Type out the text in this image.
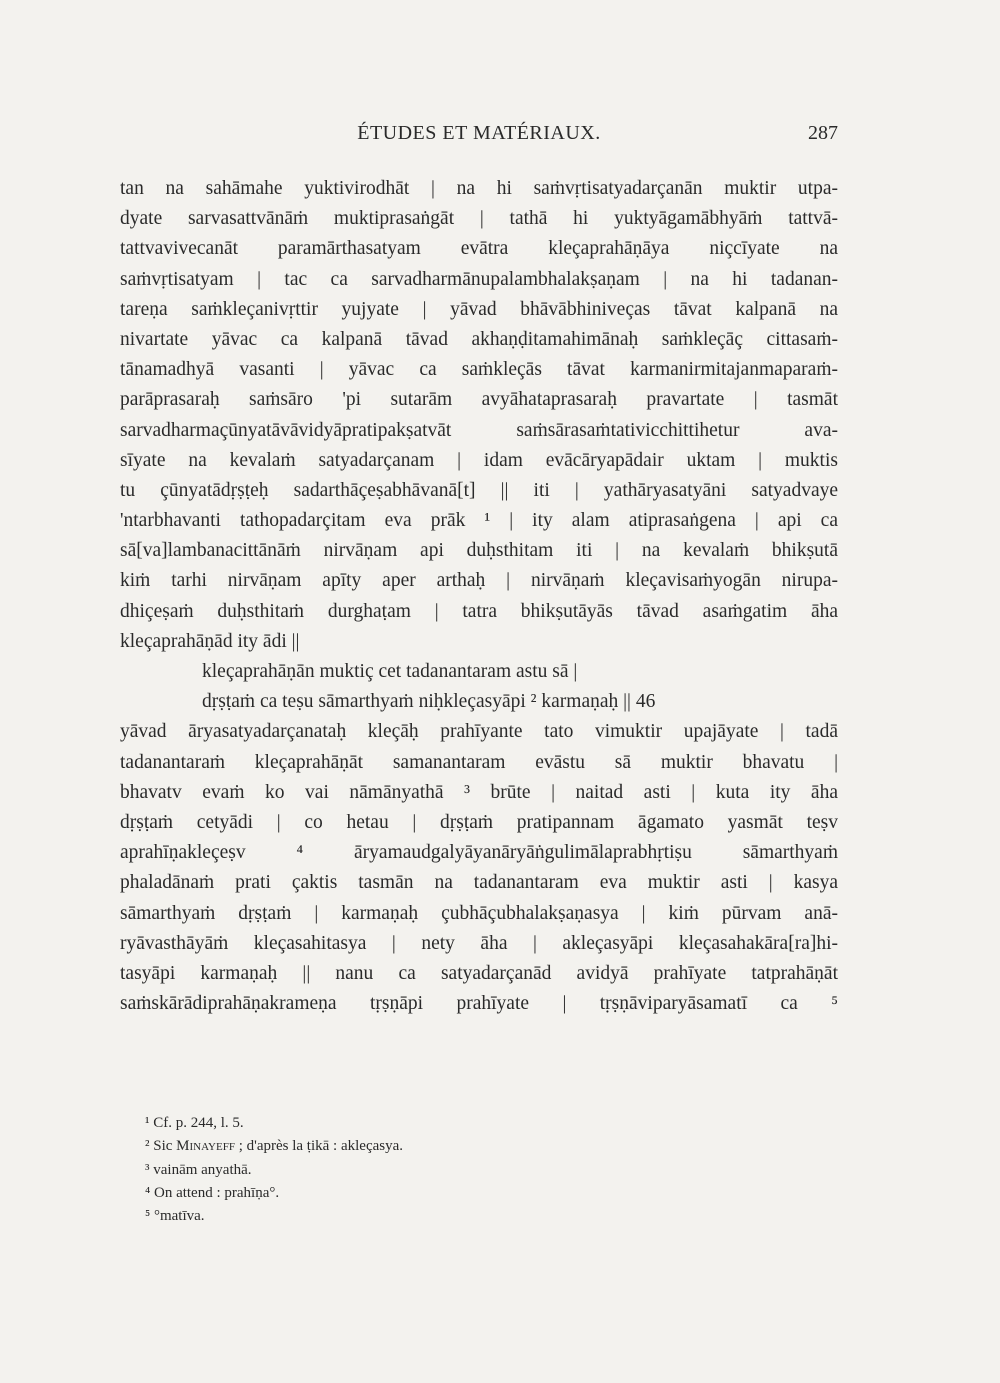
ÉTUDES ET MATÉRIAUX.	287
tan na sahāmahe yuktivirodhāt | na hi saṁvṛtisatyadarçanān muktir utpa-
dyate sarvasattvānāṁ muktiprasaṅgāt | tathā hi yuktyāgamābhyāṁ tattvā-
tattvavivecanāt paramārthasatyam evātra kleçaprahāṇāya niçcīyate na
saṁvṛtisatyam | tac ca sarvadharmānupalambhalakṣaṇam | na hi tadanan-
tareṇa saṁkleçanivṛttir yujyate | yāvad bhāvābhiniveças tāvat kalpanā na
nivartate yāvac ca kalpanā tāvad akhaṇḍitamahimānaḥ saṁkleçāç cittasaṁ-
tānamadhyā vasanti | yāvac ca saṁkleçās tāvat karmanirmitajanmaparaṁ-
parāprasaraḥ saṁsāro 'pi sutarām avyāhataprasaraḥ pravartate | tasmāt
sarvadharmaçūnyatāvāvidyāpratipakṣatvāt saṁsārasaṁtativicchittihetur ava-
sīyate na kevalaṁ satyadarçanam | idam evācāryapādair uktam | muktis
tu çūnyatādṛṣṭeḥ sadarthāçeṣabhāvanā[t] || iti | yathāryasatyāni satyadvaye
'ntarbhavanti tathopadarçitam eva prāk ¹ | ity alam atiprasaṅgena | api ca
sā[va]lambanacittānāṁ nirvāṇam api duḥsthitam iti | na kevalaṁ bhikṣutā
kiṁ tarhi nirvāṇam apīty aper arthaḥ | nirvāṇaṁ kleçavisaṁyogān nirupa-
dhiçeṣaṁ duḥsthitaṁ durghaṭam | tatra bhikṣutāyās tāvad asaṁgatim āha
kleçaprahāṇād ity ādi ||
kleçaprahāṇān muktiç cet tadanantaram astu sā |
dṛṣṭaṁ ca teṣu sāmarthyaṁ niḥkleçasyāpi ² karmaṇaḥ || 46
yāvad āryasatyadarçanataḥ kleçāḥ prahīyante tato vimuktir upajāyate | tadā
tadanantaraṁ kleçaprahāṇāt samanantaram evāstu sā muktir bhavatu |
bhavatv evaṁ ko vai nāmānyathā ³ brūte | naitad asti | kuta ity āha
dṛṣṭaṁ cetyādi | co hetau | dṛṣṭaṁ pratipannam āgamato yasmāt teṣv
aprahīṇakleçeṣv ⁴ āryamaudgalyāyanāryāṅgulimālaprabhṛtiṣu sāmarthyaṁ
phaladānaṁ prati çaktis tasmān na tadanantaram eva muktir asti | kasya
sāmarthyaṁ dṛṣṭaṁ | karmaṇaḥ çubhāçubhalakṣaṇasya | kiṁ pūrvam anā-
ryāvasthāyāṁ kleçasahitasya | nety āha | akleçasyāpi kleçasahakāra[ra]hi-
tasyāpi karmaṇaḥ || nanu ca satyadarçanād avidyā prahīyate tatprahāṇāt
saṁskārādiprahāṇakrameṇa tṛṣṇāpi prahīyate | tṛṣṇāviparyāsamatī ca ⁵
¹ Cf. p. 244, l. 5.
² Sic Minayeff ; d'après la ṭikā : akleçasya.
³ vainām anyathā.
⁴ On attend : prahīṇa°.
⁵ °matīva.
